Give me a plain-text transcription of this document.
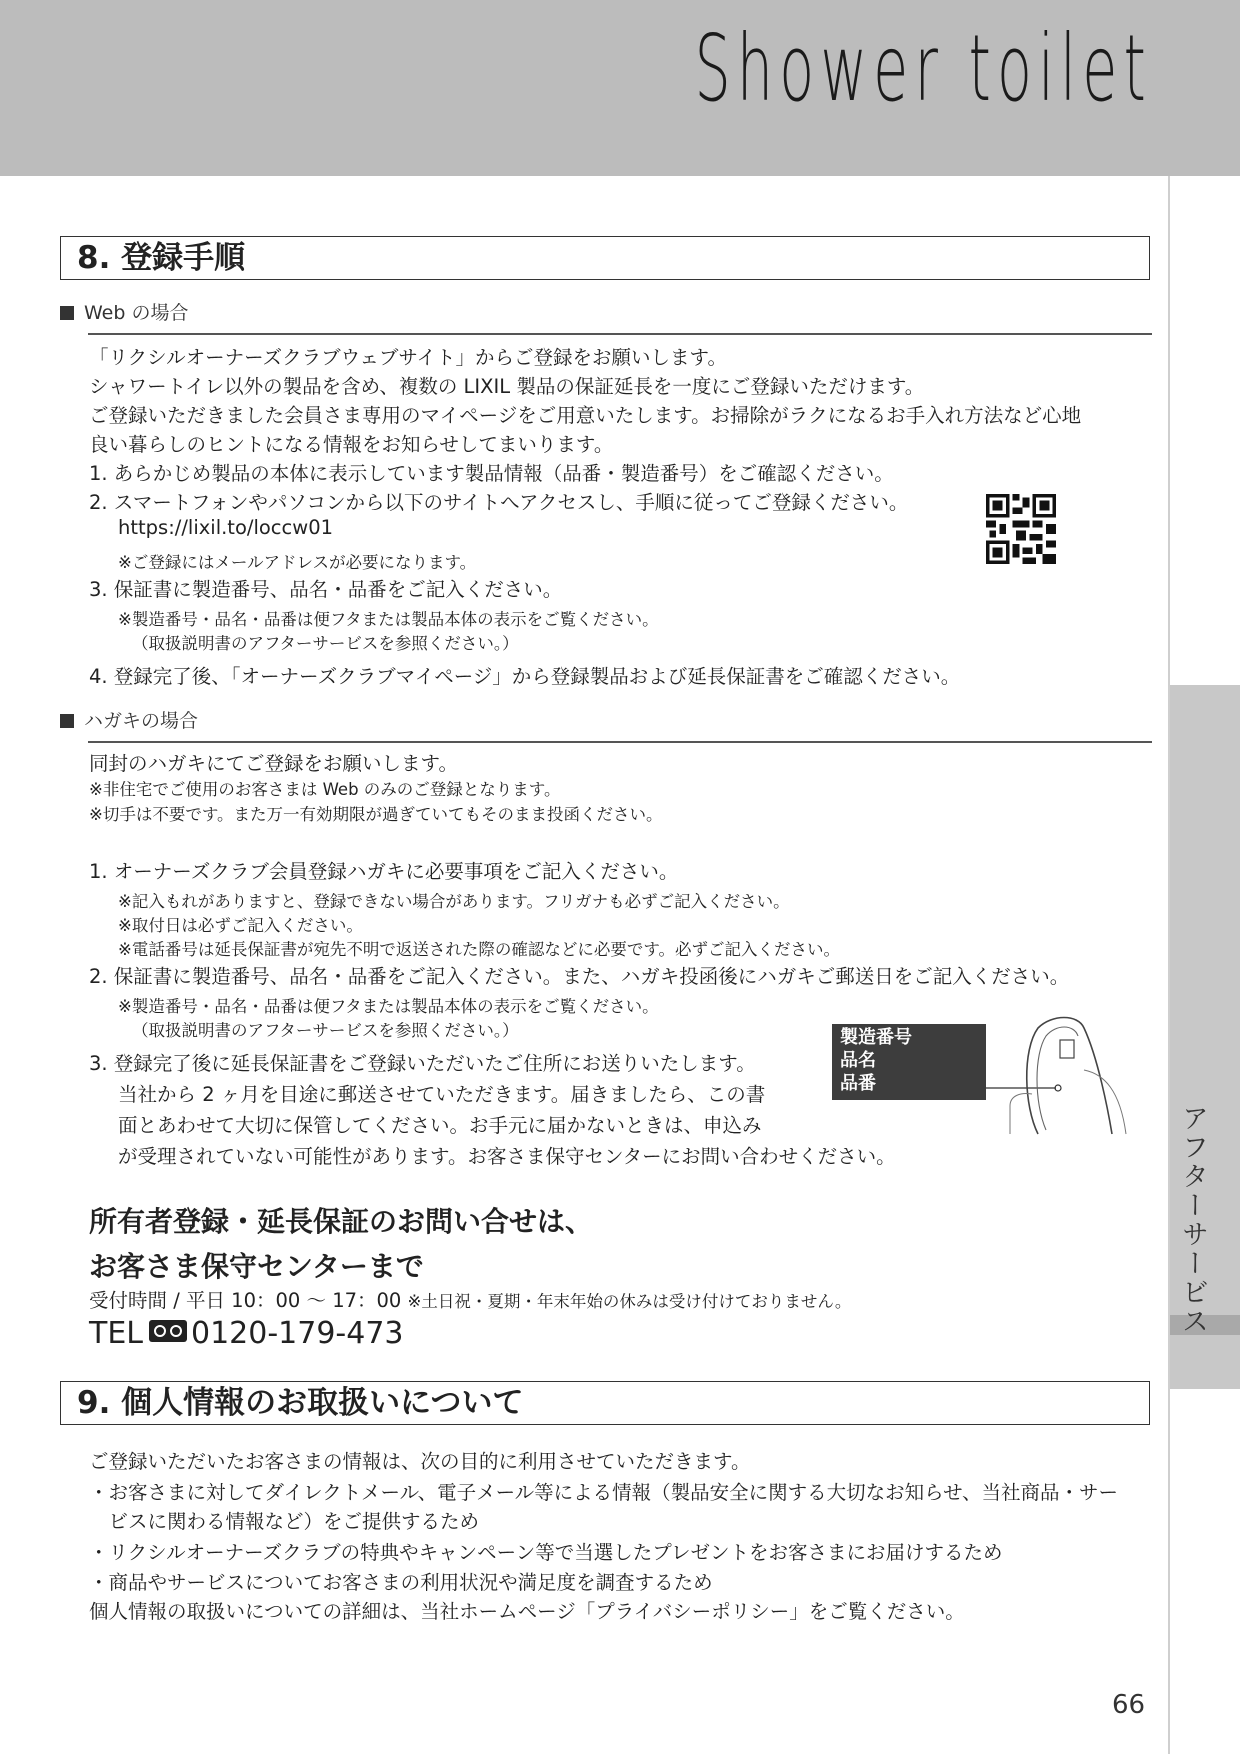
Shower toilet
アフターサービス
8. 登録手順
Web の場合
「リクシルオーナーズクラブウェブサイト」からご登録をお願いします。
シャワートイレ以外の製品を含め、複数の LIXIL 製品の保証延長を一度にご登録いただけます。
ご登録いただきました会員さま専用のマイページをご用意いたします。お掃除がラクになるお手入れ方法など心地
良い暮らしのヒントになる情報をお知らせしてまいります。
1. あらかじめ製品の本体に表示しています製品情報（品番・製造番号）をご確認ください。
2. スマートフォンやパソコンから以下のサイトへアクセスし、手順に従ってご登録ください。
https://lixil.to/loccw01
※ご登録にはメールアドレスが必要になります。
3. 保証書に製造番号、品名・品番をご記入ください。
※製造番号・品名・品番は便フタまたは製品本体の表示をご覧ください。
（取扱説明書のアフターサービスを参照ください。）
4. 登録完了後、「オーナーズクラブマイページ」から登録製品および延長保証書をご確認ください。
ハガキの場合
同封のハガキにてご登録をお願いします。
※非住宅でご使用のお客さまは Web のみのご登録となります。
※切手は不要です。また万一有効期限が過ぎていてもそのまま投函ください。
1. オーナーズクラブ会員登録ハガキに必要事項をご記入ください。
※記入もれがありますと、登録できない場合があります。フリガナも必ずご記入ください。
※取付日は必ずご記入ください。
※電話番号は延長保証書が宛先不明で返送された際の確認などに必要です。必ずご記入ください。
2. 保証書に製造番号、品名・品番をご記入ください。また、ハガキ投函後にハガキご郵送日をご記入ください。
※製造番号・品名・品番は便フタまたは製品本体の表示をご覧ください。
（取扱説明書のアフターサービスを参照ください。）
3. 登録完了後に延長保証書をご登録いただいたご住所にお送りいたします。
当社から 2 ヶ月を目途に郵送させていただきます。届きましたら、この書
面とあわせて大切に保管してください。お手元に届かないときは、申込み
が受理されていない可能性があります。お客さま保守センターにお問い合わせください。
製造番号
品名
品番
所有者登録・延長保証のお問い合せは、
お客さま保守センターまで
受付時間 / 平日 10：00 〜 17：00 ※土日祝・夏期・年末年始の休みは受け付けておりません。
TEL 0120-179-473
9. 個人情報のお取扱いについて
ご登録いただいたお客さまの情報は、次の目的に利用させていただきます。
・お客さまに対してダイレクトメール、電子メール等による情報（製品安全に関する大切なお知らせ、当社商品・サー
　ビスに関わる情報など）をご提供するため
・リクシルオーナーズクラブの特典やキャンペーン等で当選したプレゼントをお客さまにお届けするため
・商品やサービスについてお客さまの利用状況や満足度を調査するため
個人情報の取扱いについての詳細は、当社ホームページ「プライバシーポリシー」をご覧ください。
66
